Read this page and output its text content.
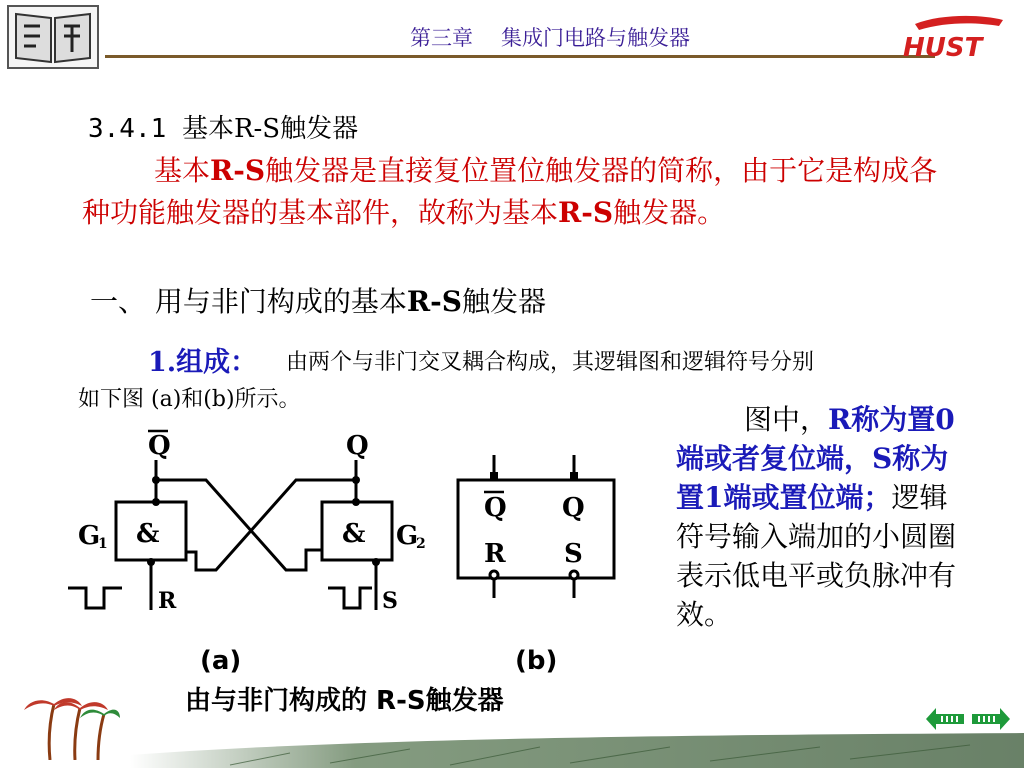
第三章 集成门电路与触发器	HUST
3.4.1 基本R-S触发器
基本R-S触发器是直接复位置位触发器的简称，由于它是构成各种功能触发器的基本部件，故称为基本R-S触发器。
一、 用与非门构成的基本R-S触发器
1.组成： 由两个与非门交叉耦合构成，其逻辑图和逻辑符号分别
如下图 (a)和(b)所示。
图中，R称为置0端或者复位端，S称为置1端或置位端；逻辑符号输入端加的小圆圈表示低电平或负脉冲有效。
Q	Q
&	&
G
1	G
2
R	S
Q Q
R S
(a)	(b)
由与非门构成的 R-S触发器
